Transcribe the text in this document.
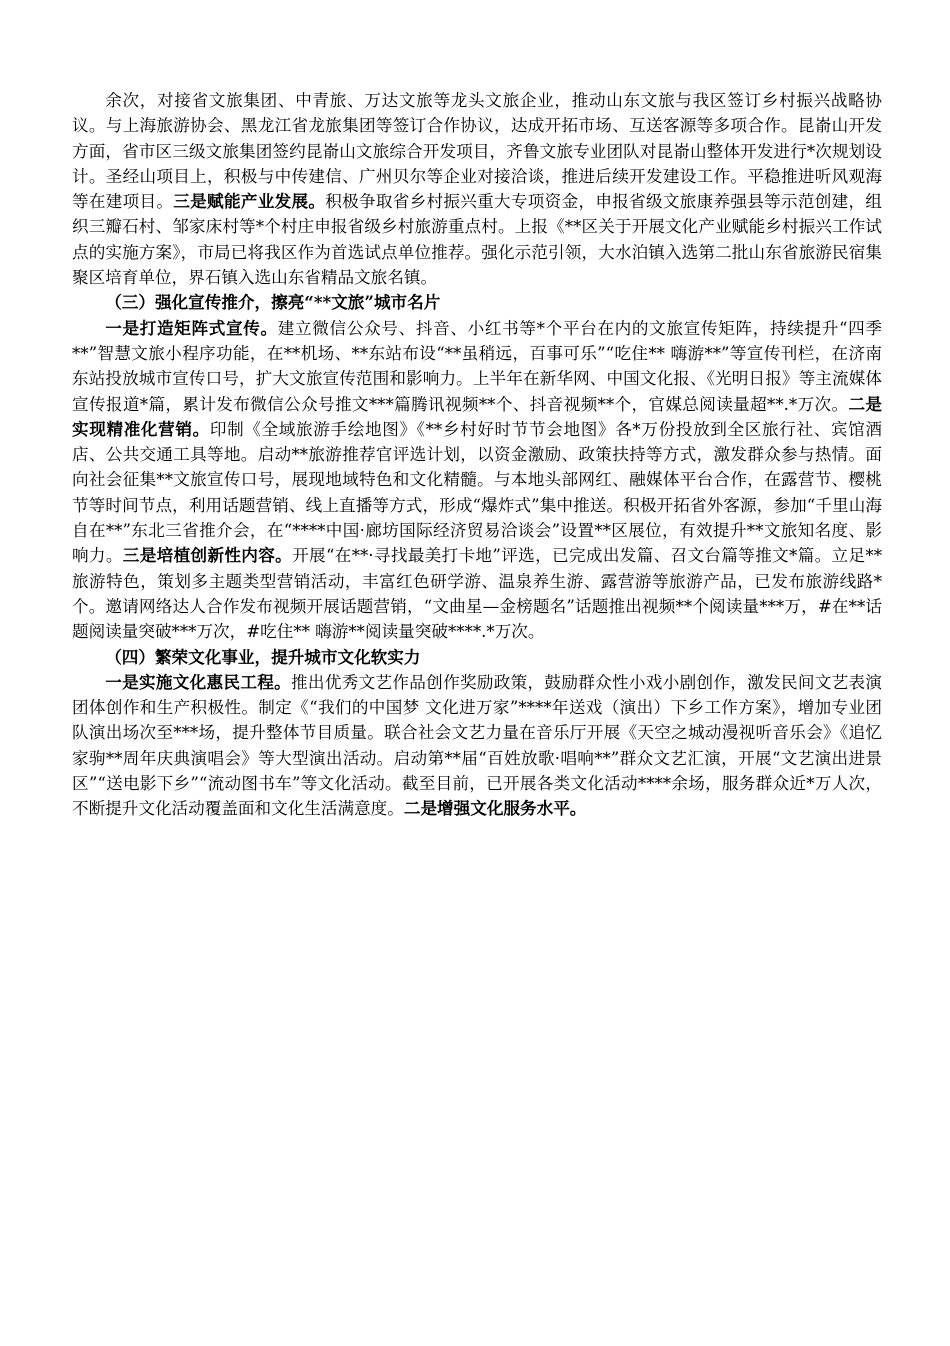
余次，对接省文旅集团、中青旅、万达文旅等龙头文旅企业，推动山东文旅与我区签订乡村振兴战略协议。与上海旅游协会、黑龙江省龙旅集团等签订合作协议，达成开拓市场、互送客源等多项合作。昆嵛山开发方面，省市区三级文旅集团签约昆嵛山文旅综合开发项目，齐鲁文旅专业团队对昆嵛山整体开发进行*次规划设计。圣经山项目上，积极与中传建信、广州贝尔等企业对接洽谈，推进后续开发建设工作。平稳推进听风观海等在建项目。三是赋能产业发展。积极争取省乡村振兴重大专项资金，申报省级文旅康养强县等示范创建，组织三瓣石村、邹家床村等*个村庄申报省级乡村旅游重点村。上报《**区关于开展文化产业赋能乡村振兴工作试点的实施方案》，市局已将我区作为首选试点单位推荐。强化示范引领，大水泊镇入选第二批山东省旅游民宿集聚区培育单位，界石镇入选山东省精品文旅名镇。

（三）强化宣传推介，擦亮“**文旅”城市名片

一是打造矩阵式宣传。建立微信公众号、抖音、小红书等*个平台在内的文旅宣传矩阵，持续提升“四季**”智慧文旅小程序功能，在**机场、**东站布设“**虽稍远，百事可乐”“吃住** 嗨游**”等宣传刊栏，在济南东站投放城市宣传口号，扩大文旅宣传范围和影响力。上半年在新华网、中国文化报、《光明日报》等主流媒体宣传报道*篇，累计发布微信公众号推文***篇腾讯视频**个、抖音视频**个，官媒总阅读量超**.*万次。二是实现精准化营销。印制《全域旅游手绘地图》《**乡村好时节节会地图》各*万份投放到全区旅行社、宾馆酒店、公共交通工具等地。启动**旅游推荐官评选计划，以资金激励、政策扶持等方式，激发群众参与热情。面向社会征集**文旅宣传口号，展现地域特色和文化精髓。与本地头部网红、融媒体平台合作，在露营节、樱桃节等时间节点，利用话题营销、线上直播等方式，形成“爆炸式”集中推送。积极开拓省外客源，参加“千里山海 自在**”东北三省推介会，在“****中国·廊坊国际经济贸易洽谈会”设置**区展位，有效提升**文旅知名度、影响力。三是培植创新性内容。开展“在**·寻找最美打卡地”评选，已完成出发篇、召文台篇等推文*篇。立足**旅游特色，策划多主题类型营销活动，丰富红色研学游、温泉养生游、露营游等旅游产品，已发布旅游线路*个。邀请网络达人合作发布视频开展话题营销，“文曲星—金榜题名”话题推出视频**个阅读量***万，#在**话题阅读量突破***万次，#吃住** 嗨游**阅读量突破****.*万次。

（四）繁荣文化事业，提升城市文化软实力

一是实施文化惠民工程。推出优秀文艺作品创作奖励政策，鼓励群众性小戏小剧创作，激发民间文艺表演团体创作和生产积极性。制定《“我们的中国梦 文化进万家”****年送戏（演出）下乡工作方案》，增加专业团队演出场次至***场，提升整体节目质量。联合社会文艺力量在音乐厅开展《天空之城动漫视听音乐会》《追忆家驹**周年庆典演唱会》等大型演出活动。启动第**届“百姓放歌·唱响**”群众文艺汇演，开展“文艺演出进景区”“送电影下乡”“流动图书车”等文化活动。截至目前，已开展各类文化活动****余场，服务群众近*万人次，不断提升文化活动覆盖面和文化生活满意度。二是增强文化服务水平。
